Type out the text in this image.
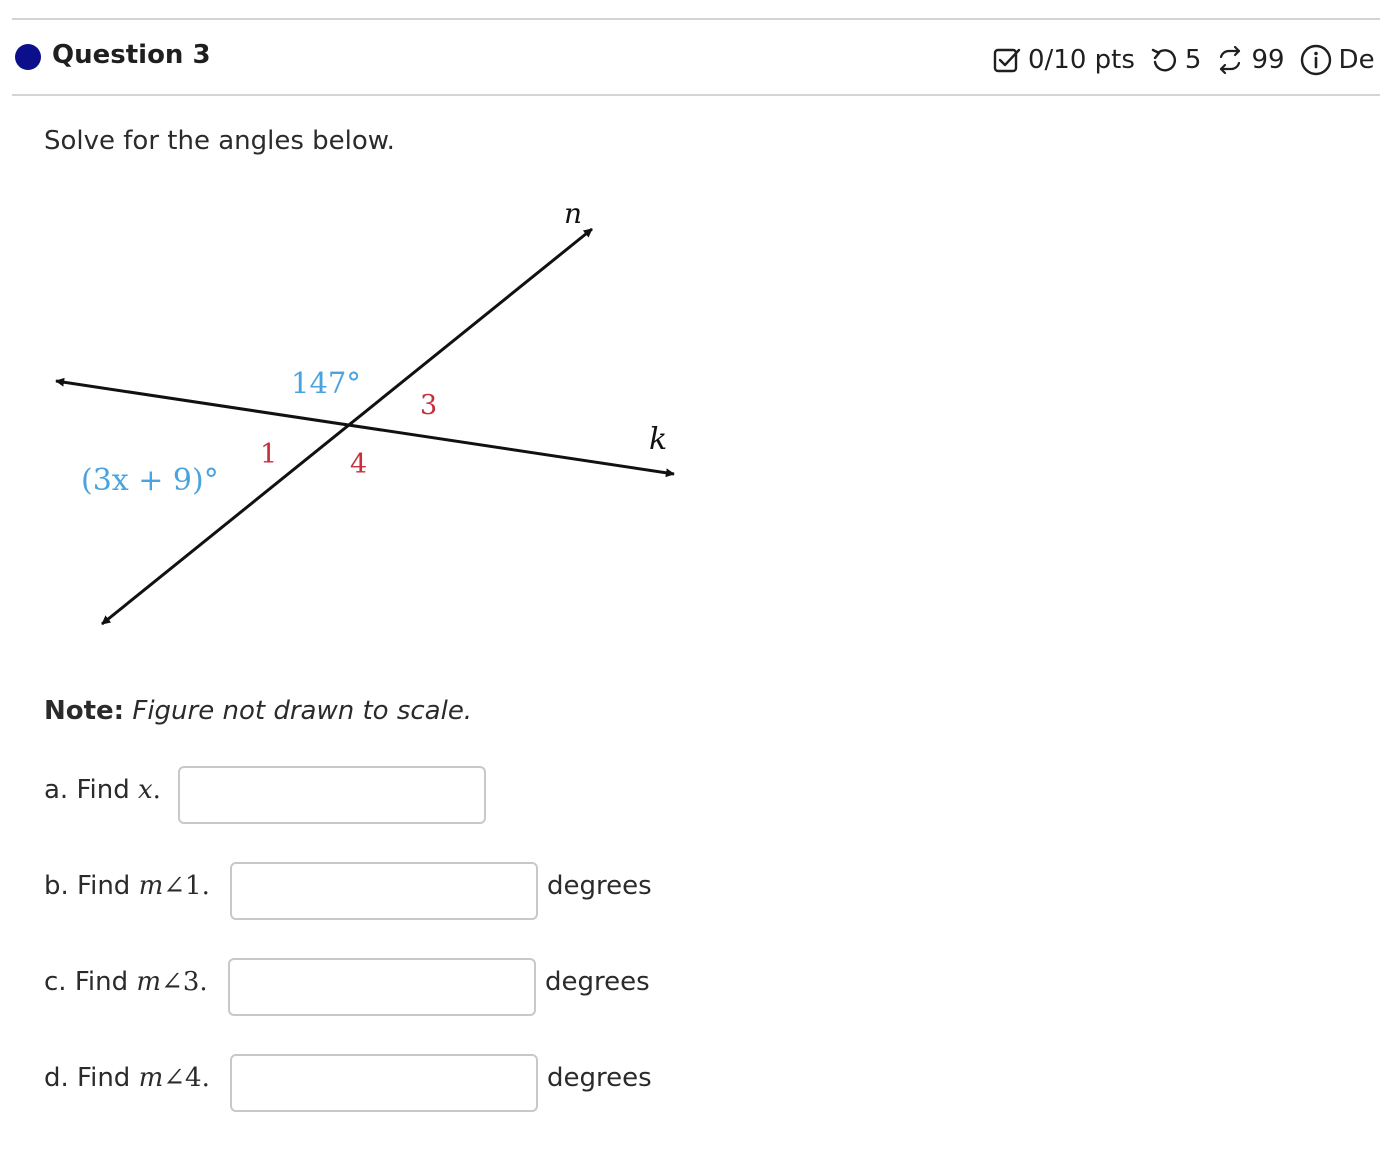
Question 3	0/10 pts 5 99 De
Solve for the angles below.
n
k
147°
(3x + 9)°
1
3
4
Note: Figure not drawn to scale.
a. Find x.
b. Find m∠1.	degrees
c. Find m∠3.	degrees
d. Find m∠4.	degrees
